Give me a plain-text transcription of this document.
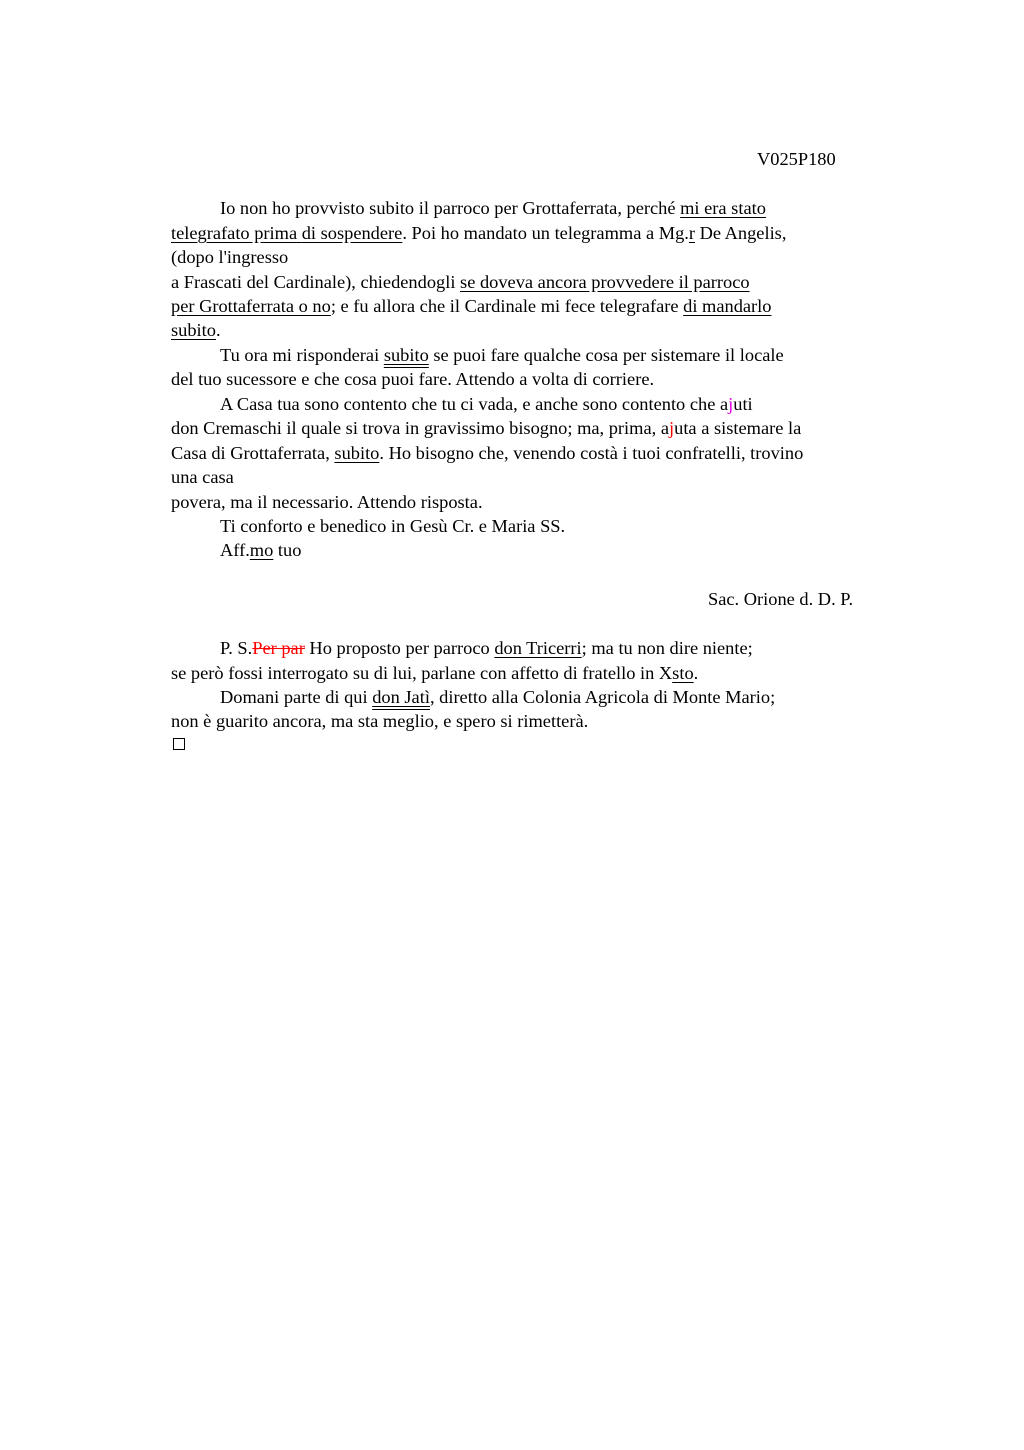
V025P180

Io non ho provvisto subito il parroco per Grottaferrata, perché mi era stato

telegrafato prima di sospendere. Poi ho mandato un telegramma a Mg.r De Angelis,

(dopo l'ingresso

a Frascati del Cardinale), chiedendogli se doveva ancora provvedere il parroco

per Grottaferrata o no; e fu allora che il Cardinale mi fece telegrafare di mandarlo

subito.

Tu ora mi risponderai subito se puoi fare qualche cosa per sistemare il locale

del tuo sucessore e che cosa puoi fare. Attendo a volta di corriere.

A Casa tua sono contento che tu ci vada, e anche sono contento che ajuti

don Cremaschi il quale si trova in gravissimo bisogno; ma, prima, ajuta a sistemare la

Casa di Grottaferrata, subito. Ho bisogno che, venendo costà i tuoi confratelli, trovino

una casa

povera, ma il necessario. Attendo risposta.

Ti conforto e benedico in Gesù Cr. e Maria SS.

Aff.mo tuo

Sac. Orione d. D. P.

P. S.Per par Ho proposto per parroco don Tricerri; ma tu non dire niente;

se però fossi interrogato su di lui, parlane con affetto di fratello in Xsto.

Domani parte di qui don Jatì, diretto alla Colonia Agricola di Monte Mario;

non è guarito ancora, ma sta meglio, e spero si rimetterà.
